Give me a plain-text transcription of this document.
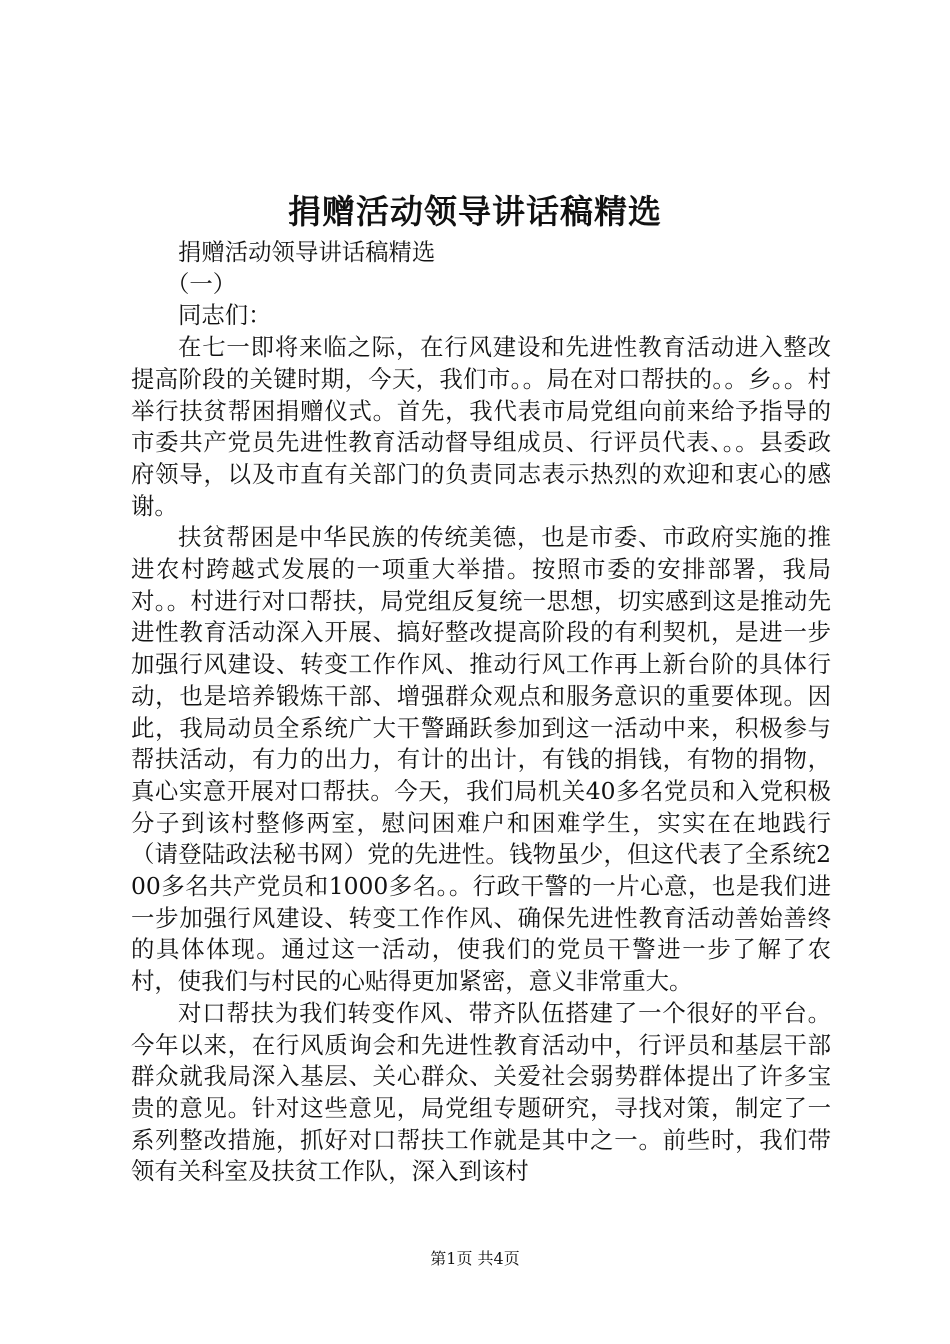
捐赠活动领导讲话稿精选

捐赠活动领导讲话稿精选

（一）

同志们：

在七一即将来临之际，在行风建设和先进性教育活动进入整改提高阶段的关键时期，今天，我们市。。局在对口帮扶的。。乡。。村举行扶贫帮困捐赠仪式。首先，我代表市局党组向前来给予指导的市委共产党员先进性教育活动督导组成员、行评员代表、。。县委政府领导，以及市直有关部门的负责同志表示热烈的欢迎和衷心的感谢。

扶贫帮困是中华民族的传统美德，也是市委、市政府实施的推进农村跨越式发展的一项重大举措。按照市委的安排部署，我局对。。村进行对口帮扶，局党组反复统一思想，切实感到这是推动先进性教育活动深入开展、搞好整改提高阶段的有利契机，是进一步加强行风建设、转变工作作风、推动行风工作再上新台阶的具体行动，也是培养锻炼干部、增强群众观点和服务意识的重要体现。因此，我局动员全系统广大干警踊跃参加到这一活动中来，积极参与帮扶活动，有力的出力，有计的出计，有钱的捐钱，有物的捐物，真心实意开展对口帮扶。今天，我们局机关40多名党员和入党积极分子到该村整修两室，慰问困难户和困难学生，实实在在地践行（请登陆政法秘书网）党的先进性。钱物虽少，但这代表了全系统200多名共产党员和1000多名。。行政干警的一片心意，也是我们进一步加强行风建设、转变工作作风、确保先进性教育活动善始善终的具体体现。通过这一活动，使我们的党员干警进一步了解了农村，使我们与村民的心贴得更加紧密，意义非常重大。

对口帮扶为我们转变作风、带齐队伍搭建了一个很好的平台。今年以来，在行风质询会和先进性教育活动中，行评员和基层干部群众就我局深入基层、关心群众、关爱社会弱势群体提出了许多宝贵的意见。针对这些意见，局党组专题研究，寻找对策，制定了一系列整改措施，抓好对口帮扶工作就是其中之一。前些时，我们带领有关科室及扶贫工作队，深入到该村

第1页 共4页
